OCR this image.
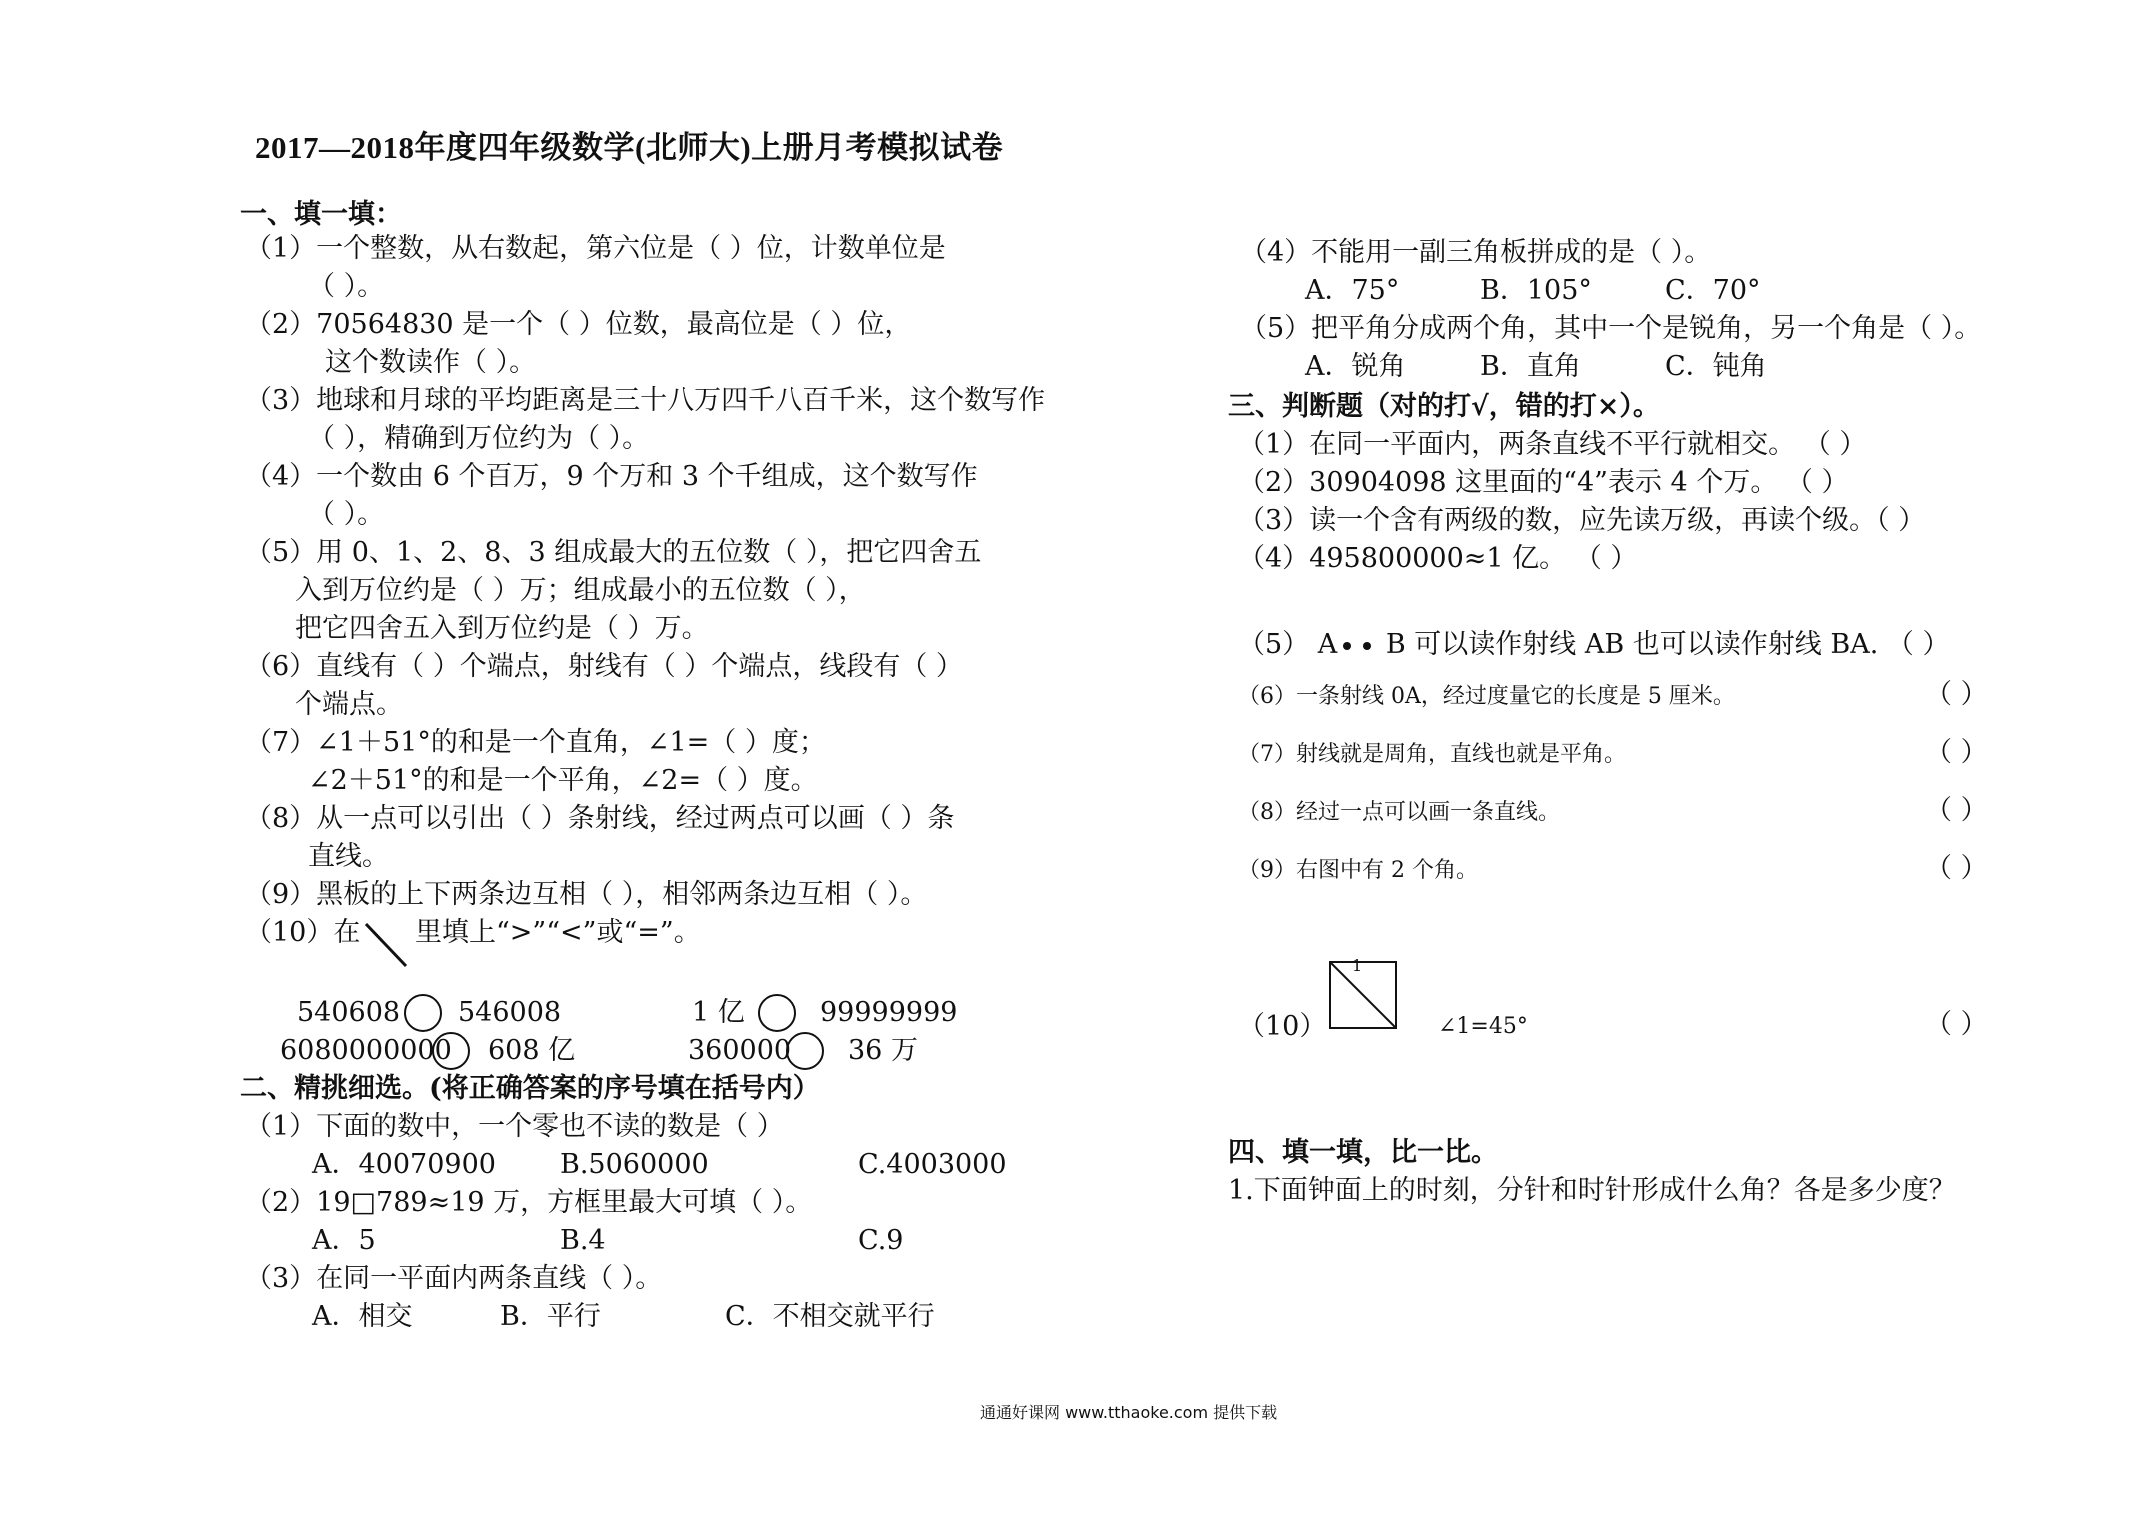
2017—2018年度四年级数学(北师大)上册月考模拟试卷
一、填一填：
（1）一个整数，从右数起，第六位是（ ）位，计数单位是
（ ）。
（2）70564830 是一个（ ）位数，最高位是（ ）位，
这个数读作（ ）。
（3）地球和月球的平均距离是三十八万四千八百千米，这个数写作
（ ），精确到万位约为（ ）。
（4）一个数由 6 个百万，9 个万和 3 个千组成，这个数写作
（ ）。
（5）用 0、1、2、8、3 组成最大的五位数（ ），把它四舍五
入到万位约是（ ）万；组成最小的五位数（ ），
把它四舍五入到万位约是（ ）万。
（6）直线有（ ）个端点，射线有（ ）个端点，线段有（ ）
个端点。
（7）∠1＋51°的和是一个直角，∠1=（ ）度；
∠2＋51°的和是一个平角，∠2=（ ）度。
（8）从一点可以引出（ ）条射线，经过两点可以画（ ）条
直线。
（9）黑板的上下两条边互相（ ），相邻两条边互相（ ）。
（10）在 里填上“>”“<”或“=”。
540608 546008	1 亿	99999999
6080000000 608 亿	360000 36 万
二、精挑细选。(将正确答案的序号填在括号内）
（1）下面的数中，一个零也不读的数是（ ）
A．40070900 B.5060000	C.4003000
（2）19□789≈19 万，方框里最大可填（ ）。
A．5	B.4	C.9
（3）在同一平面内两条直线（ ）。
A．相交	B．平行	C．不相交就平行
（4）不能用一副三角板拼成的是（ ）。
A．75°	B．105°	C．70°
（5）把平角分成两个角，其中一个是锐角，另一个角是（ ）。
A．锐角	B．直角	C．钝角
三、判断题（对的打√，错的打×）。
（1）在同一平面内，两条直线不平行就相交。 （ ）
（2）30904098 这里面的“4”表示 4 个万。 （ ）
（3）读一个含有两级的数，应先读万级，再读个级。（ ）
（4）495800000≈1 亿。 （ ）
（5） A B 可以读作射线 AB 也可以读作射线 BA. （ ）
（6）一条射线 0A，经过度量它的长度是 5 厘米。	（ ）
（7）射线就是周角，直线也就是平角。	（ ）
（8）经过一点可以画一条直线。	（ ）
（9）右图中有 2 个角。	（ ）
（10）
1
∠1=45°	（ ）
四、填一填，比一比。
1.下面钟面上的时刻，分针和时针形成什么角？各是多少度？
通通好课网 www.tthaoke.com 提供下载
